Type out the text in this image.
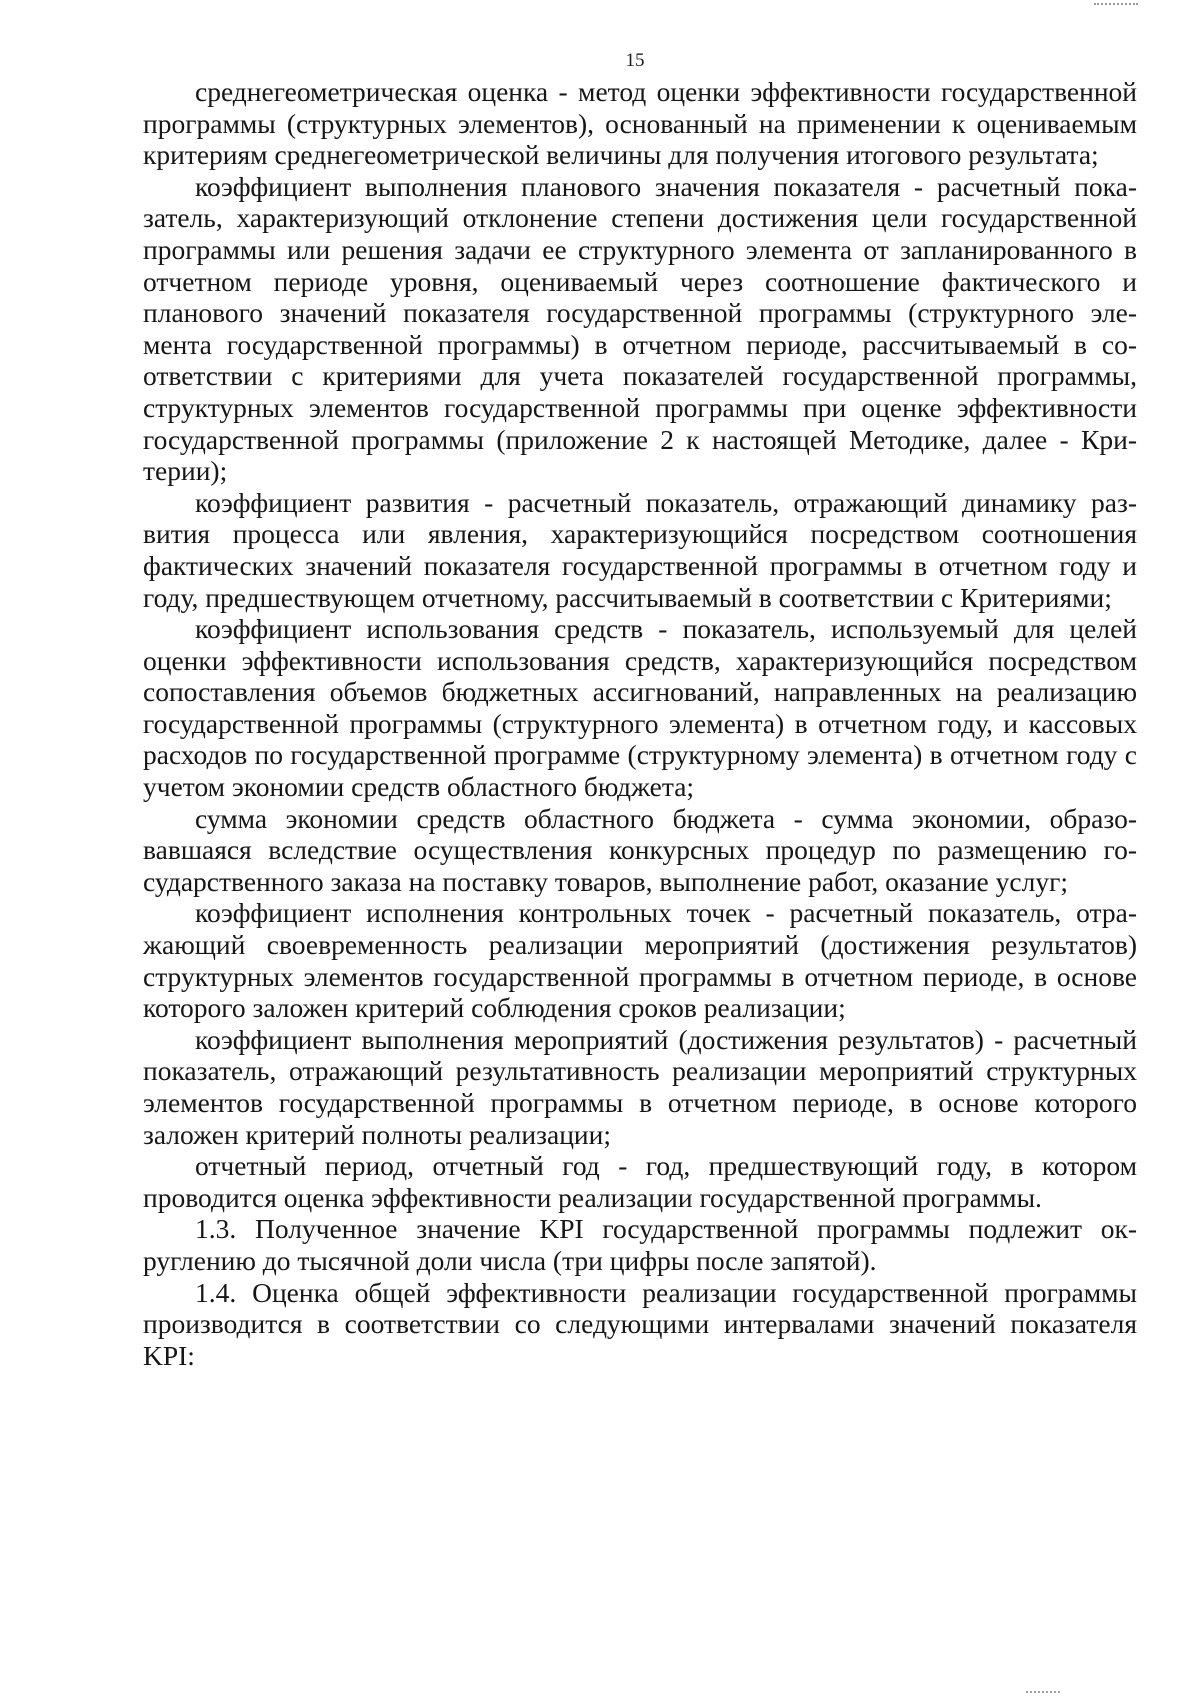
15

среднегеометрическая оценка - метод оценки эффективности государственной программы (структурных элементов), основанный на применении к оцениваемым критериям среднегеометрической величины для получения итогового результата;

коэффициент выполнения планового значения показателя - расчетный показатель, характеризующий отклонение степени достижения цели государственной программы или решения задачи ее структурного элемента от запланированного в отчетном периоде уровня, оцениваемый через соотношение фактического и планового значений показателя государственной программы (структурного элемента государственной программы) в отчетном периоде, рассчитываемый в соответствии с критериями для учета показателей государственной программы, структурных элементов государственной программы при оценке эффективности государственной программы (приложение 2 к настоящей Методике, далее - Критерии);

коэффициент развития - расчетный показатель, отражающий динамику развития процесса или явления, характеризующийся посредством соотношения фактических значений показателя государственной программы в отчетном году и году, предшествующем отчетному, рассчитываемый в соответствии с Критериями;

коэффициент использования средств - показатель, используемый для целей оценки эффективности использования средств, характеризующийся посредством сопоставления объемов бюджетных ассигнований, направленных на реализацию государственной программы (структурного элемента) в отчетном году, и кассовых расходов по государственной программе (структурному элемента) в отчетном году с учетом экономии средств областного бюджета;

сумма экономии средств областного бюджета - сумма экономии, образовавшаяся вследствие осуществления конкурсных процедур по размещению государственного заказа на поставку товаров, выполнение работ, оказание услуг;

коэффициент исполнения контрольных точек - расчетный показатель, отражающий своевременность реализации мероприятий (достижения результатов) структурных элементов государственной программы в отчетном периоде, в основе которого заложен критерий соблюдения сроков реализации;

коэффициент выполнения мероприятий (достижения результатов) - расчетный показатель, отражающий результативность реализации мероприятий структурных элементов государственной программы в отчетном периоде, в основе которого заложен критерий полноты реализации;

отчетный период, отчетный год - год, предшествующий году, в котором проводится оценка эффективности реализации государственной программы.

1.3. Полученное значение KPI государственной программы подлежит округлению до тысячной доли числа (три цифры после запятой).

1.4. Оценка общей эффективности реализации государственной программы производится в соответствии со следующими интервалами значений показателя KPI:
